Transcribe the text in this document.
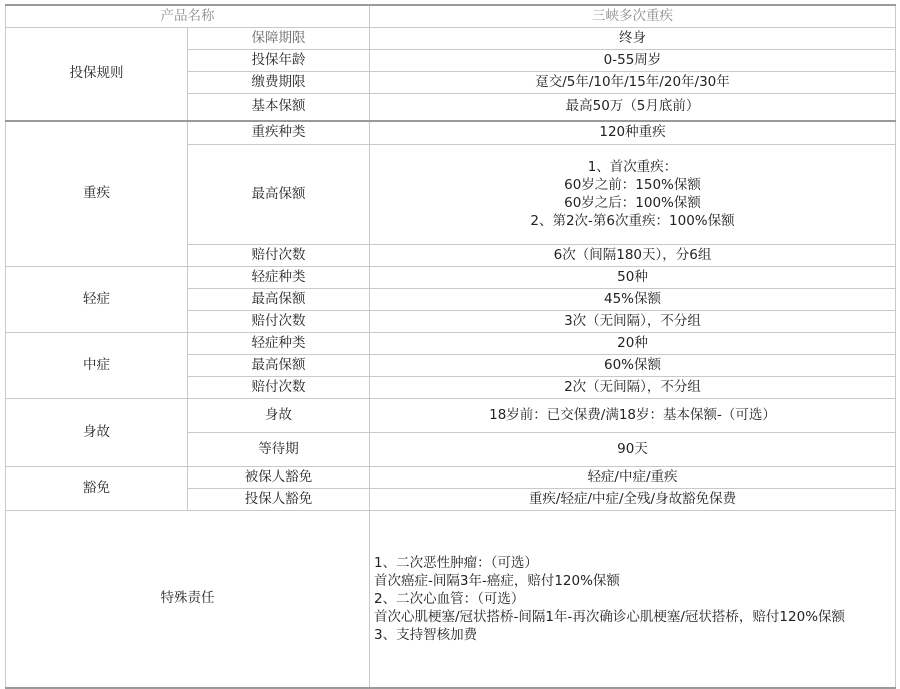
产品名称		三峡多次重疾
投保规则	保障期限	终身
	投保年龄	0-55周岁
	缴费期限	趸交/5年/10年/15年/20年/30年
	基本保额	最高50万（5月底前）
重疾	重疾种类	120种重疾
	最高保额	1、首次重疾：
60岁之前：150%保额
60岁之后：100%保额
2、第2次-第6次重疾：100%保额

	赔付次数	6次（间隔180天），分6组
轻症	轻症种类	50种
	最高保额	45%保额
	赔付次数	3次（无间隔），不分组
中症	轻症种类	20种
	最高保额	60%保额
	赔付次数	2次（无间隔），不分组
身故	身故	18岁前：已交保费/满18岁：基本保额-（可选）
	等待期	90天
豁免	被保人豁免	轻症/中症/重疾
	投保人豁免	重疾/轻症/中症/全残/身故豁免保费
特殊责任		1、二次恶性肿瘤：（可选）
首次癌症-间隔3年-癌症，赔付120%保额
2、二次心血管：（可选）
首次心肌梗塞/冠状搭桥-间隔1年-再次确诊心肌梗塞/冠状搭桥，赔付120%保额
3、支持智核加费
